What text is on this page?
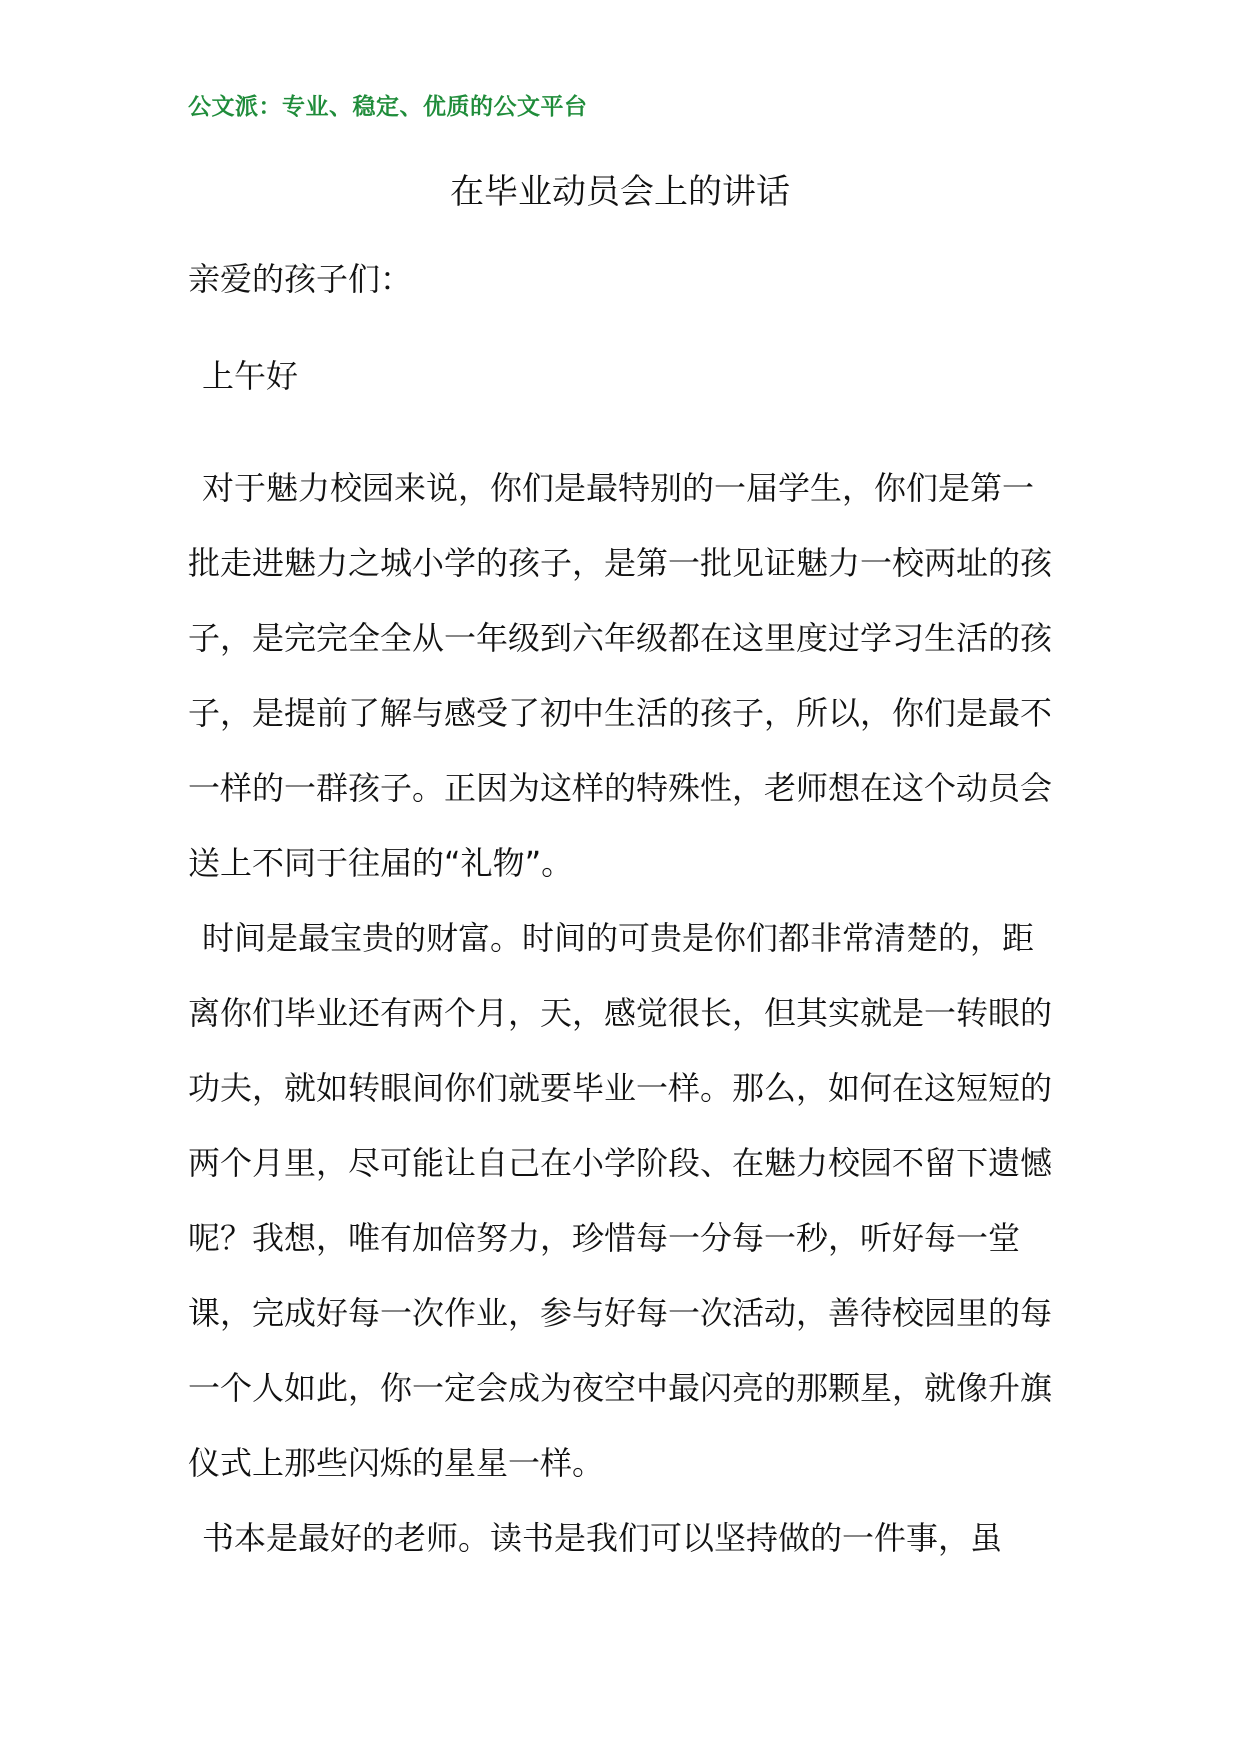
公文派：专业、稳定、优质的公文平台
在毕业动员会上的讲话

亲爱的孩子们：

上午好

对于魅力校园来说，你们是最特别的一届学生，你们是第一批走进魅力之城小学的孩子，是第一批见证魅力一校两址的孩子，是完完全全从一年级到六年级都在这里度过学习生活的孩子，是提前了解与感受了初中生活的孩子，所以，你们是最不一样的一群孩子。正因为这样的特殊性，老师想在这个动员会送上不同于往届的“礼物”。

时间是最宝贵的财富。时间的可贵是你们都非常清楚的，距离你们毕业还有两个月，天，感觉很长，但其实就是一转眼的功夫，就如转眼间你们就要毕业一样。那么，如何在这短短的两个月里，尽可能让自己在小学阶段、在魅力校园不留下遗憾呢？我想，唯有加倍努力，珍惜每一分每一秒，听好每一堂课，完成好每一次作业，参与好每一次活动，善待校园里的每一个人如此，你一定会成为夜空中最闪亮的那颗星，就像升旗仪式上那些闪烁的星星一样。

书本是最好的老师。读书是我们可以坚持做的一件事，虽
